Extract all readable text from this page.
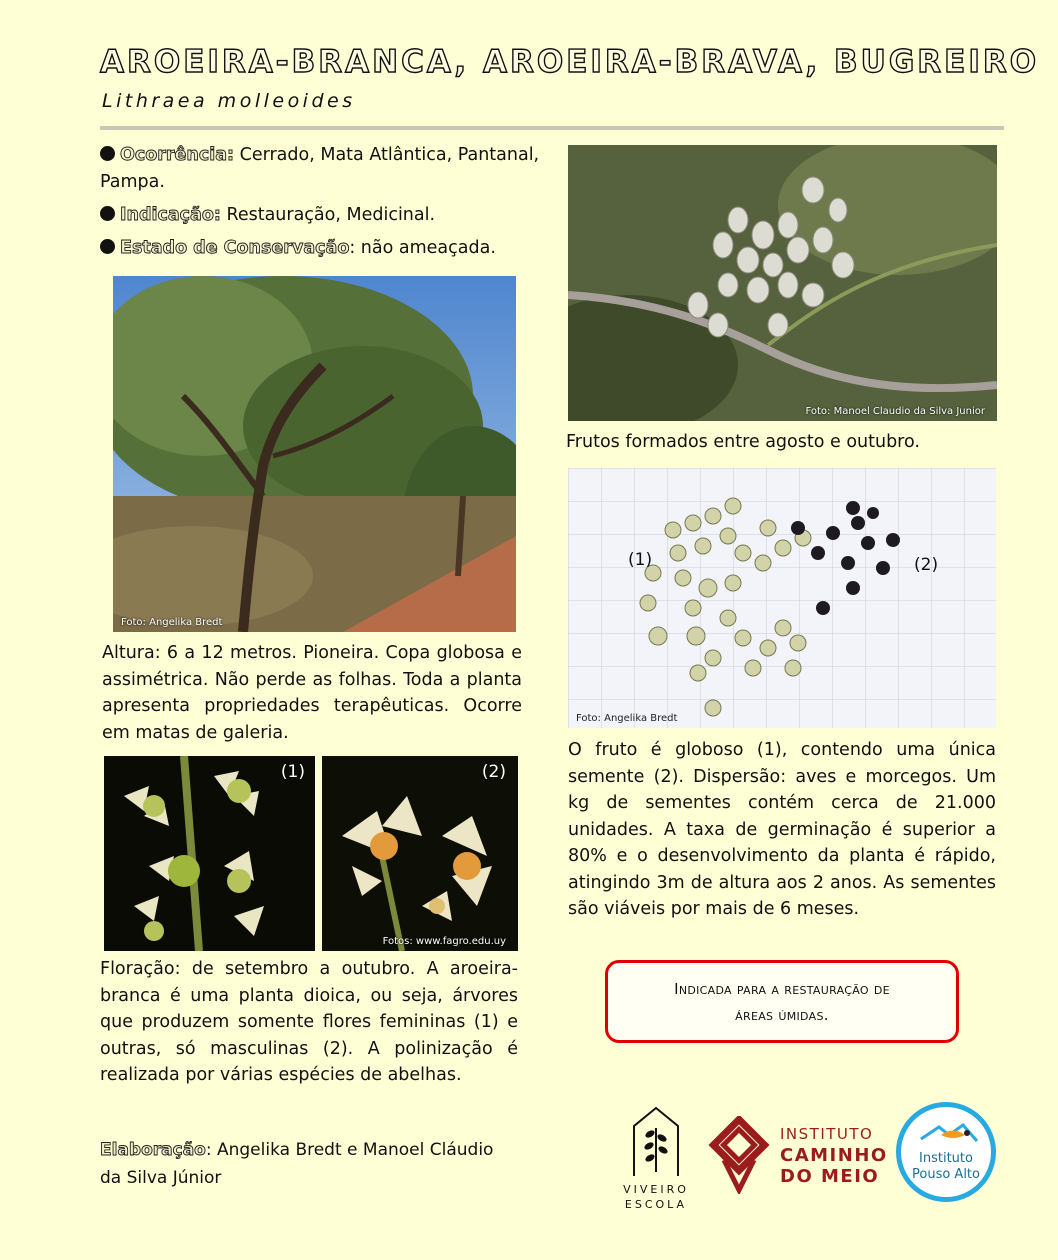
AROEIRA-BRANCA, AROEIRA-BRAVA, BUGREIRO
Lithraea molleoides
Ocorrência: Cerrado, Mata Atlântica, Pantanal, Pampa.
Indicação: Restauração, Medicinal.
Estado de Conservação: não ameaçada.
Foto: Angelika Bredt
Altura: 6 a 12 metros. Pioneira. Copa globosa e assimétrica. Não perde as folhas. Toda a planta apresenta propriedades terapêuticas. Ocorre em matas de galeria.
(1)	(2)
Fotos: www.fagro.edu.uy
Floração: de setembro a outubro. A aroeira-branca é uma planta dioica, ou seja, árvores que produzem somente flores femininas (1) e outras, só masculinas (2). A polinização é realizada por várias espécies de abelhas.
Foto: Manoel Claudio da Silva Junior
Frutos formados entre agosto e outubro.
(1)	(2)
Foto: Angelika Bredt
O fruto é globoso (1), contendo uma única semente (2). Dispersão: aves e morcegos. Um kg de sementes contém cerca de 21.000 unidades. A taxa de germinação é superior a 80% e o desenvolvimento da planta é rápido, atingindo 3m de altura aos 2 anos. As sementes são viáveis por mais de 6 meses.
Indicada para a restauração de
áreas úmidas.
Elaboração: Angelika Bredt e Manoel Cláudio
da Silva Júnior
VIVEIRO
ESCOLA
INSTITUTO
CAMINHO
DO MEIO
Instituto
Pouso Alto
